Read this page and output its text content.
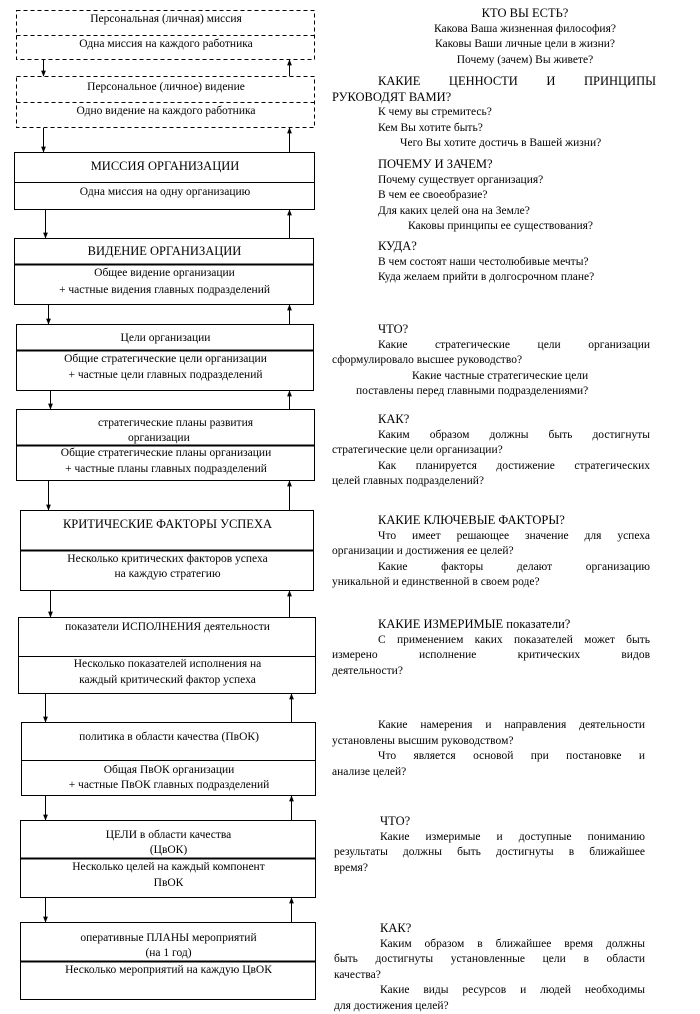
Персональная (личная) миссия
Одна миссия на каждого работника
Персональное (личное) видение
Одно видение на каждого работника
МИССИЯ ОРГАНИЗАЦИИ
Одна миссия на одну организацию
ВИДЕНИЕ ОРГАНИЗАЦИИ
Общее видение организации
+ частные видения главных подразделений
Цели организации
Общие стратегические цели организации
+ частные цели главных подразделений
стратегические планы развития
организации
Общие стратегические планы организации
+ частные планы главных подразделений
КРИТИЧЕСКИЕ ФАКТОРЫ УСПЕХА
Несколько критических факторов успеха
на каждую стратегию
показатели ИСПОЛНЕНИЯ деятельности
Несколько показателей исполнения на
каждый критический фактор успеха
политика в области качества (ПвОК)
Общая ПвОК организации
+ частные ПвОК главных подразделений
ЦЕЛИ в области качества
(ЦвОК)
Несколько целей на каждый компонент
ПвОК
оперативные ПЛАНЫ мероприятий
(на 1 год)
Несколько мероприятий на каждую ЦвОК

КТО ВЫ ЕСТЬ?

Какова Ваша жизненная философия?

Каковы Ваши личные цели в жизни?

Почему (зачем) Вы живете?

КАКИЕ ЦЕННОСТИ И ПРИНЦИПЫ

РУКОВОДЯТ ВАМИ?

К чему вы стремитесь?

Кем Вы хотите быть?

Чего Вы хотите достичь в Вашей жизни?

ПОЧЕМУ И ЗАЧЕМ?

Почему существует организация?

В чем ее своеобразие?

Для каких целей она на Земле?

Каковы принципы ее существования?

КУДА?

В чем состоят наши честолюбивые мечты?

Куда желаем прийти в долгосрочном плане?

ЧТО?

Какие стратегические цели организации

сформулировало высшее руководство?

Какие частные стратегические цели

поставлены перед главными подразделениями?

КАК?

Каким образом должны быть достигнуты

стратегические цели организации?

Как планируется достижение стратегических

целей главных подразделений?

КАКИЕ КЛЮЧЕВЫЕ ФАКТОРЫ?

Что имеет решающее значение для успеха

организации и достижения ее целей?

Какие факторы делают организацию

уникальной и единственной в своем роде?

КАКИЕ ИЗМЕРИМЫЕ показатели?

С применением каких показателей может быть

измерено исполнение критических видов

деятельности?

Какие намерения и направления деятельности

установлены высшим руководством?

Что является основой при постановке и

анализе целей?

ЧТО?

Какие измеримые и доступные пониманию

результаты должны быть достигнуты в ближайшее

время?

КАК?

Каким образом в ближайшее время должны

быть достигнуты установленные цели в области

качества?

Какие виды ресурсов и людей необходимы

для достижения целей?
